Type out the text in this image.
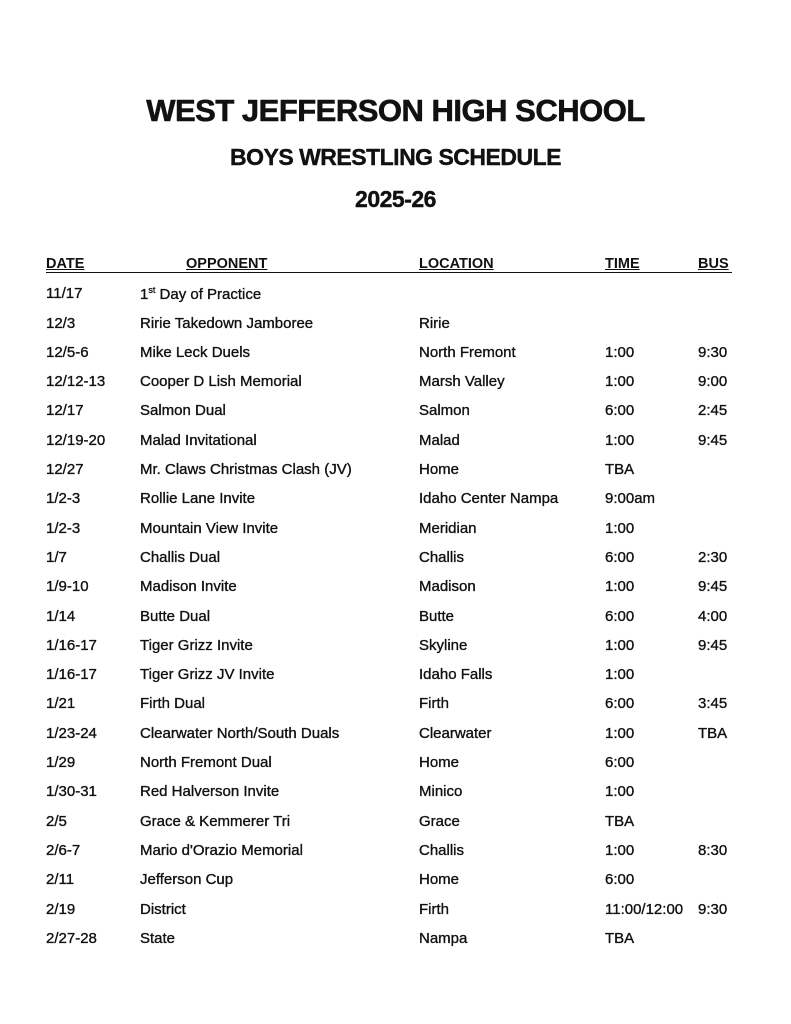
WEST JEFFERSON HIGH SCHOOL
BOYS WRESTLING SCHEDULE
2025-26
DATE	OPPONENT	LOCATION	TIME	BUS
11/17	1st Day of Practice
12/3	Ririe Takedown Jamboree	Ririe
12/5-6	Mike Leck Duels	North Fremont	1:00	9:30
12/12-13 Cooper D Lish Memorial	Marsh Valley	1:00	9:00
12/17	Salmon Dual	Salmon	6:00	2:45
12/19-20 Malad Invitational	Malad	1:00	9:45
12/27	Mr. Claws Christmas Clash (JV)	Home	TBA
1/2-3	Rollie Lane Invite	Idaho Center Nampa	9:00am
1/2-3	Mountain View Invite	Meridian	1:00
1/7	Challis Dual	Challis	6:00	2:30
1/9-10	Madison Invite	Madison	1:00	9:45
1/14	Butte Dual	Butte	6:00	4:00
1/16-17	Tiger Grizz Invite	Skyline	1:00	9:45
1/16-17	Tiger Grizz JV Invite	Idaho Falls	1:00
1/21	Firth Dual	Firth	6:00	3:45
1/23-24	Clearwater North/South Duals	Clearwater	1:00	TBA
1/29	North Fremont Dual	Home	6:00
1/30-31	Red Halverson Invite	Minico	1:00
2/5	Grace & Kemmerer Tri	Grace	TBA
2/6-7	Mario d'Orazio Memorial	Challis	1:00	8:30
2/11	Jefferson Cup	Home	6:00
2/19	District	Firth	11:00/12:00 9:30
2/27-28	State	Nampa	TBA
